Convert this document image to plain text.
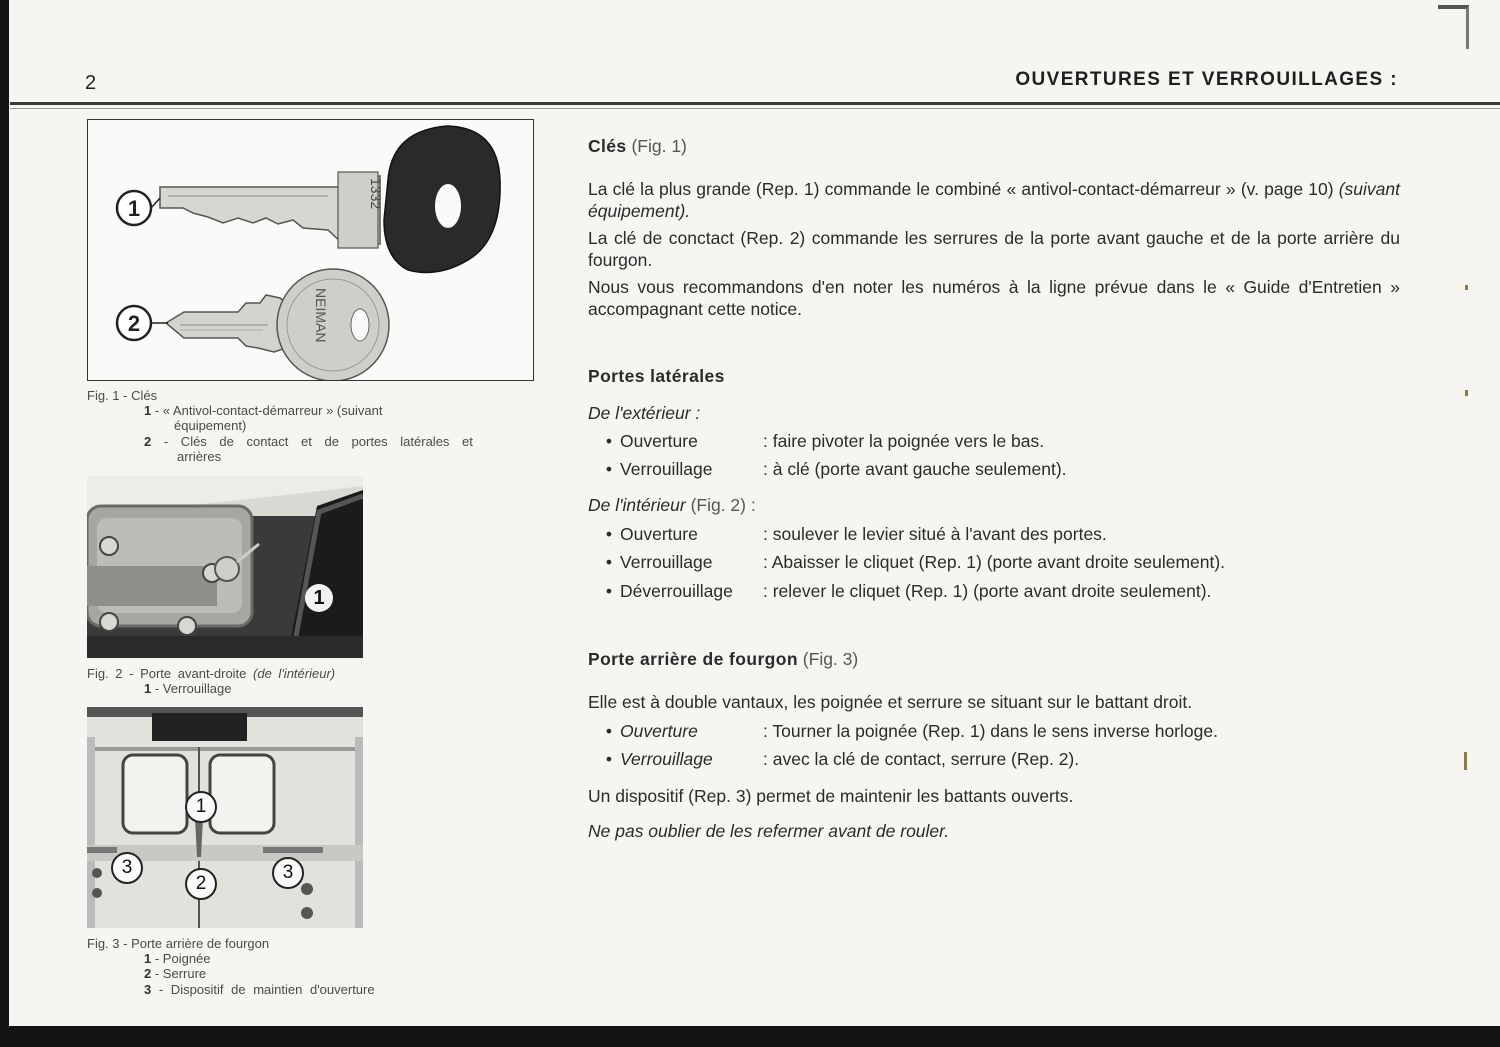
2	OUVERTURES ET VERROUILLAGES :
1332
NEIMAN
1
2
Fig. 1 - Clés
1 - « Antivol-contact-démarreur » (suivant
équipement)
2 - Clés de contact et de portes latérales et
arrières
1
Fig. 2 - Porte avant-droite (de l'intérieur)
1 - Verrouillage
1
2
3	3
Fig. 3 - Porte arrière de fourgon
1 - Poignée
2 - Serrure
3 - Dispositif de maintien d'ouverture
Clés (Fig. 1)

La clé la plus grande (Rep. 1) commande le combiné « antivol-contact-démarreur » (v. page 10) (suivant équipement).

La clé de conctact (Rep. 2) commande les serrures de la porte avant gauche et de la porte arrière du fourgon.

Nous vous recommandons d'en noter les numéros à la ligne prévue dans le « Guide d'Entretien » accompagnant cette notice.

Portes latérales
De l'extérieur :
• Ouverture	: faire pivoter la poignée vers le bas.
• Verrouillage	: à clé (porte avant gauche seulement).
De l'intérieur (Fig. 2) :
• Ouverture	: soulever le levier situé à l'avant des portes.
• Verrouillage	: Abaisser le cliquet (Rep. 1) (porte avant droite seulement).
• Déverrouillage : relever le cliquet (Rep. 1) (porte avant droite seulement).
Porte arrière de fourgon (Fig. 3)
Elle est à double vantaux, les poignée et serrure se situant sur le battant droit.
• Ouverture	: Tourner la poignée (Rep. 1) dans le sens inverse horloge.
• Verrouillage	: avec la clé de contact, serrure (Rep. 2).
Un dispositif (Rep. 3) permet de maintenir les battants ouverts.
Ne pas oublier de les refermer avant de rouler.
